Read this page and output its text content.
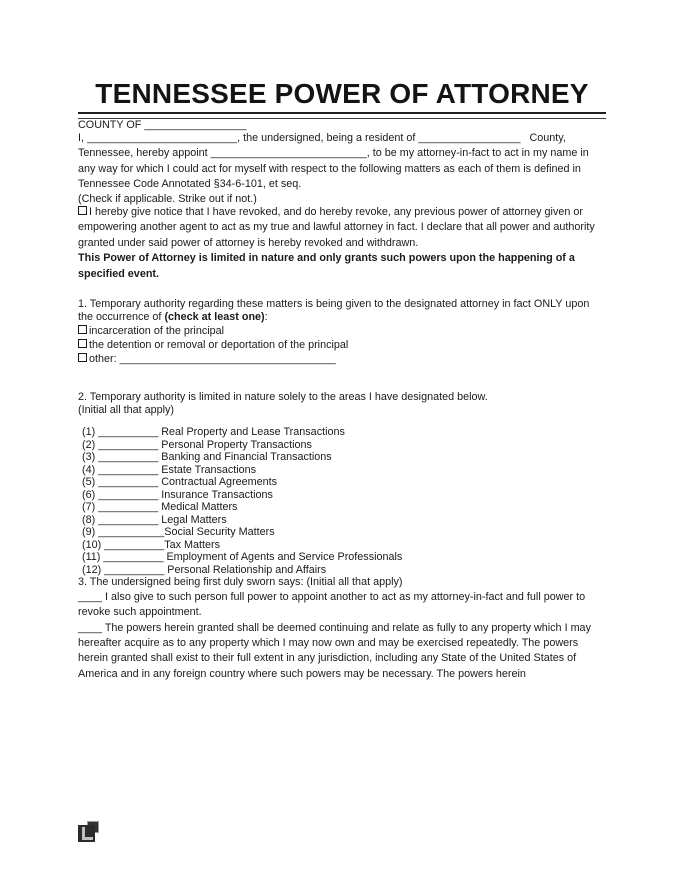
TENNESSEE POWER OF ATTORNEY

COUNTY OF _________________

I, _________________________, the undersigned, being a resident of _________________   County, Tennessee, hereby appoint __________________________, to be my attorney-in-fact to act in my name in any way for which I could act for myself with respect to the following matters as each of them is defined in Tennessee Code Annotated §34-6-101, et seq.

(Check if applicable. Strike out if not.)

I hereby give notice that I have revoked, and do hereby revoke, any previous power of attorney given or empowering another agent to act as my true and lawful attorney in fact. I declare that all power and authority granted under said power of attorney is hereby revoked and withdrawn.

This Power of Attorney is limited in nature and only grants such powers upon the happening of a specified event.

1. Temporary authority regarding these matters is being given to the designated attorney in fact ONLY upon the occurrence of (check at least one):

incarceration of the principal
the detention or removal or deportation of the principal
other: ____________________________________

2. Temporary authority is limited in nature solely to the areas I have designated below.

(Initial all that apply)

(1) __________ Real Property and Lease Transactions
(2) __________ Personal Property Transactions
(3) __________ Banking and Financial Transactions
(4) __________ Estate Transactions
(5) __________ Contractual Agreements
(6) __________ Insurance Transactions
(7) __________ Medical Matters
(8) __________ Legal Matters
(9) ___________Social Security Matters
(10) __________Tax Matters
(11) __________ Employment of Agents and Service Professionals
(12) __________ Personal Relationship and Affairs

3. The undersigned being first duly sworn says: (Initial all that apply)

____ I also give to such person full power to appoint another to act as my attorney-in-fact and full power to revoke such appointment.

____ The powers herein granted shall be deemed continuing and relate as fully to any property which I may hereafter acquire as to any property which I may now own and may be exercised repeatedly. The powers herein granted shall exist to their full extent in any jurisdiction, including any State of the United States of America and in any foreign country where such powers may be necessary. The powers herein
